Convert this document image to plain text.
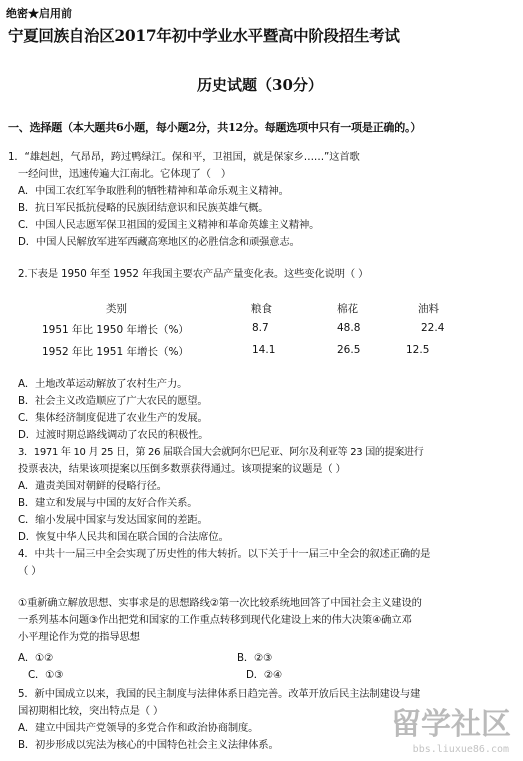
绝密★启用前
宁夏回族自治区2017年初中学业水平暨高中阶段招生考试
历史试题（30分）
一、选择题（本大题共6小题，每小题2分，共12分。每题选项中只有一项是正确的。）
1．“雄赳赳，气昂昂，跨过鸭绿江。保和平，卫祖国，就是保家乡……”这首歌
一经问世，迅速传遍大江南北。它体现了（　）
A．中国工农红军争取胜利的牺牲精神和革命乐观主义精神。
B．抗日军民抵抗侵略的民族团结意识和民族英雄气概。
C．中国人民志愿军保卫祖国的爱国主义精神和革命英雄主义精神。
D．中国人民解放军进军西藏高寒地区的必胜信念和顽强意志。
2.下表是 1950 年至 1952 年我国主要农产品产量变化表。这些变化说明（ ）
类别	粮食	棉花	油料
1951 年比 1950 年增长（%）	8.7	48.8	22.4
1952 年比 1951 年增长（%）	14.1	26.5	12.5
A．土地改革运动解放了农村生产力。
B．社会主义改造顺应了广大农民的愿望。
C．集体经济制度促进了农业生产的发展。
D．过渡时期总路线调动了农民的积极性。
3．1971 年 10 月 25 日，第 26 届联合国大会就阿尔巴尼亚、阿尔及利亚等 23 国的提案进行
投票表决，结果该项提案以压倒多数票获得通过。该项提案的议题是（ ）
A．遣责美国对朝鲜的侵略行径。
B．建立和发展与中国的友好合作关系。
C．缩小发展中国家与发达国家间的差距。
D．恢复中华人民共和国在联合国的合法席位。
4．中共十一届三中全会实现了历史性的伟大转折。以下关于十一届三中全会的叙述正确的是
（ ）
①重新确立解放思想、实事求是的思想路线②第一次比较系统地回答了中国社会主义建设的
一系列基本问题③作出把党和国家的工作重点转移到现代化建设上来的伟大决策④确立邓
小平理论作为党的指导思想
A．①②	B．②③
C．①③	D．②④
5．新中国成立以来，我国的民主制度与法律体系日趋完善。改革开放后民主法制建设与建
国初期相比较，突出特点是（ ）
A．建立中国共产党领导的多党合作和政治协商制度。
B．初步形成以宪法为核心的中国特色社会主义法律体系。
留学社区
bbs.liuxue86.com
